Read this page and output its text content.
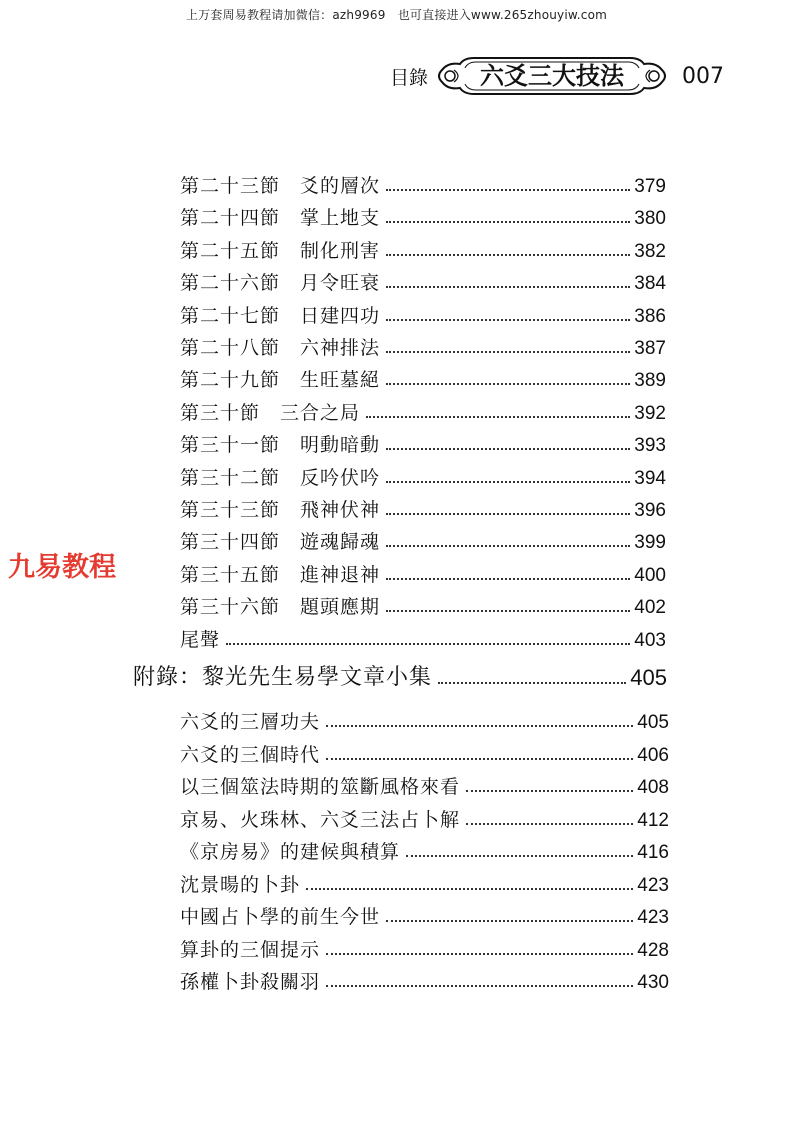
上万套周易教程请加微信：azh9969　也可直接进入www.265zhouyiw.com
目錄	六爻三大技法	007
九易教程
第二十三節　爻的層次	379
第二十四節　掌上地支	380
第二十五節　制化刑害	382
第二十六節　月令旺衰	384
第二十七節　日建四功	386
第二十八節　六神排法	387
第二十九節　生旺墓絕	389
第三十節　三合之局	392
第三十一節　明動暗動	393
第三十二節　反吟伏吟	394
第三十三節　飛神伏神	396
第三十四節　遊魂歸魂	399
第三十五節　進神退神	400
第三十六節　題頭應期	402
尾聲	403
附錄：黎光先生易學文章小集	405
六爻的三層功夫	405
六爻的三個時代	406
以三個筮法時期的筮斷風格來看	408
京易、火珠林、六爻三法占卜解	412
《京房易》的建候與積算	416
沈景暘的卜卦	423
中國占卜學的前生今世	423
算卦的三個提示	428
孫權卜卦殺關羽	430
